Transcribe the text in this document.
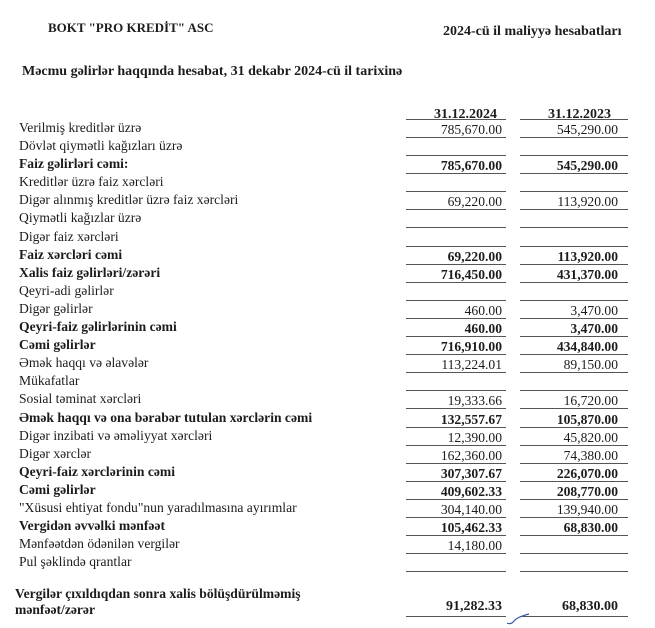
BOKT "PRO KREDİT" ASC	2024-cü il maliyyə hesabatları
Məcmu gəlirlər haqqında hesabat, 31 dekabr 2024-cü il tarixinə
31.12.2024	31.12.2023
Verilmiş kreditlər üzrə	785,670.00	545,290.00
Dövlət qiymətli kağızları üzrə
Faiz gəlirləri cəmi:	785,670.00	545,290.00
Kreditlər üzrə faiz xərcləri
Digər alınmış kreditlər üzrə faiz xərcləri	69,220.00	113,920.00
Qiymətli kağızlar üzrə
Digər faiz xərcləri
Faiz xərcləri cəmi	69,220.00	113,920.00
Xalis faiz gəlirləri/zərəri	716,450.00	431,370.00
Qeyri-adi gəlirlər
Digər gəlirlər	460.00	3,470.00
Qeyri-faiz gəlirlərinin cəmi	460.00	3,470.00
Cəmi gəlirlər	716,910.00	434,840.00
Əmək haqqı və əlavələr	113,224.01	89,150.00
Mükafatlar
Sosial təminat xərcləri	19,333.66	16,720.00
Əmək haqqı və ona bərabər tutulan xərclərin cəmi	132,557.67	105,870.00
Digər inzibati və əməliyyat xərcləri	12,390.00	45,820.00
Digər xərclər	162,360.00	74,380.00
Qeyri-faiz xərclərinin cəmi	307,307.67	226,070.00
Cəmi gəlirlər	409,602.33	208,770.00
"Xüsusi ehtiyat fondu"nun yaradılmasına ayırımlar	304,140.00	139,940.00
Vergidən əvvəlki mənfəət	105,462.33	68,830.00
Mənfəətdən ödənilən vergilər	14,180.00
Pul şəklində qrantlar
Vergilər çıxıldıqdan sonra xalis bölüşdürülməmiş
mənfəət/zərər	91,282.33	68,830.00
